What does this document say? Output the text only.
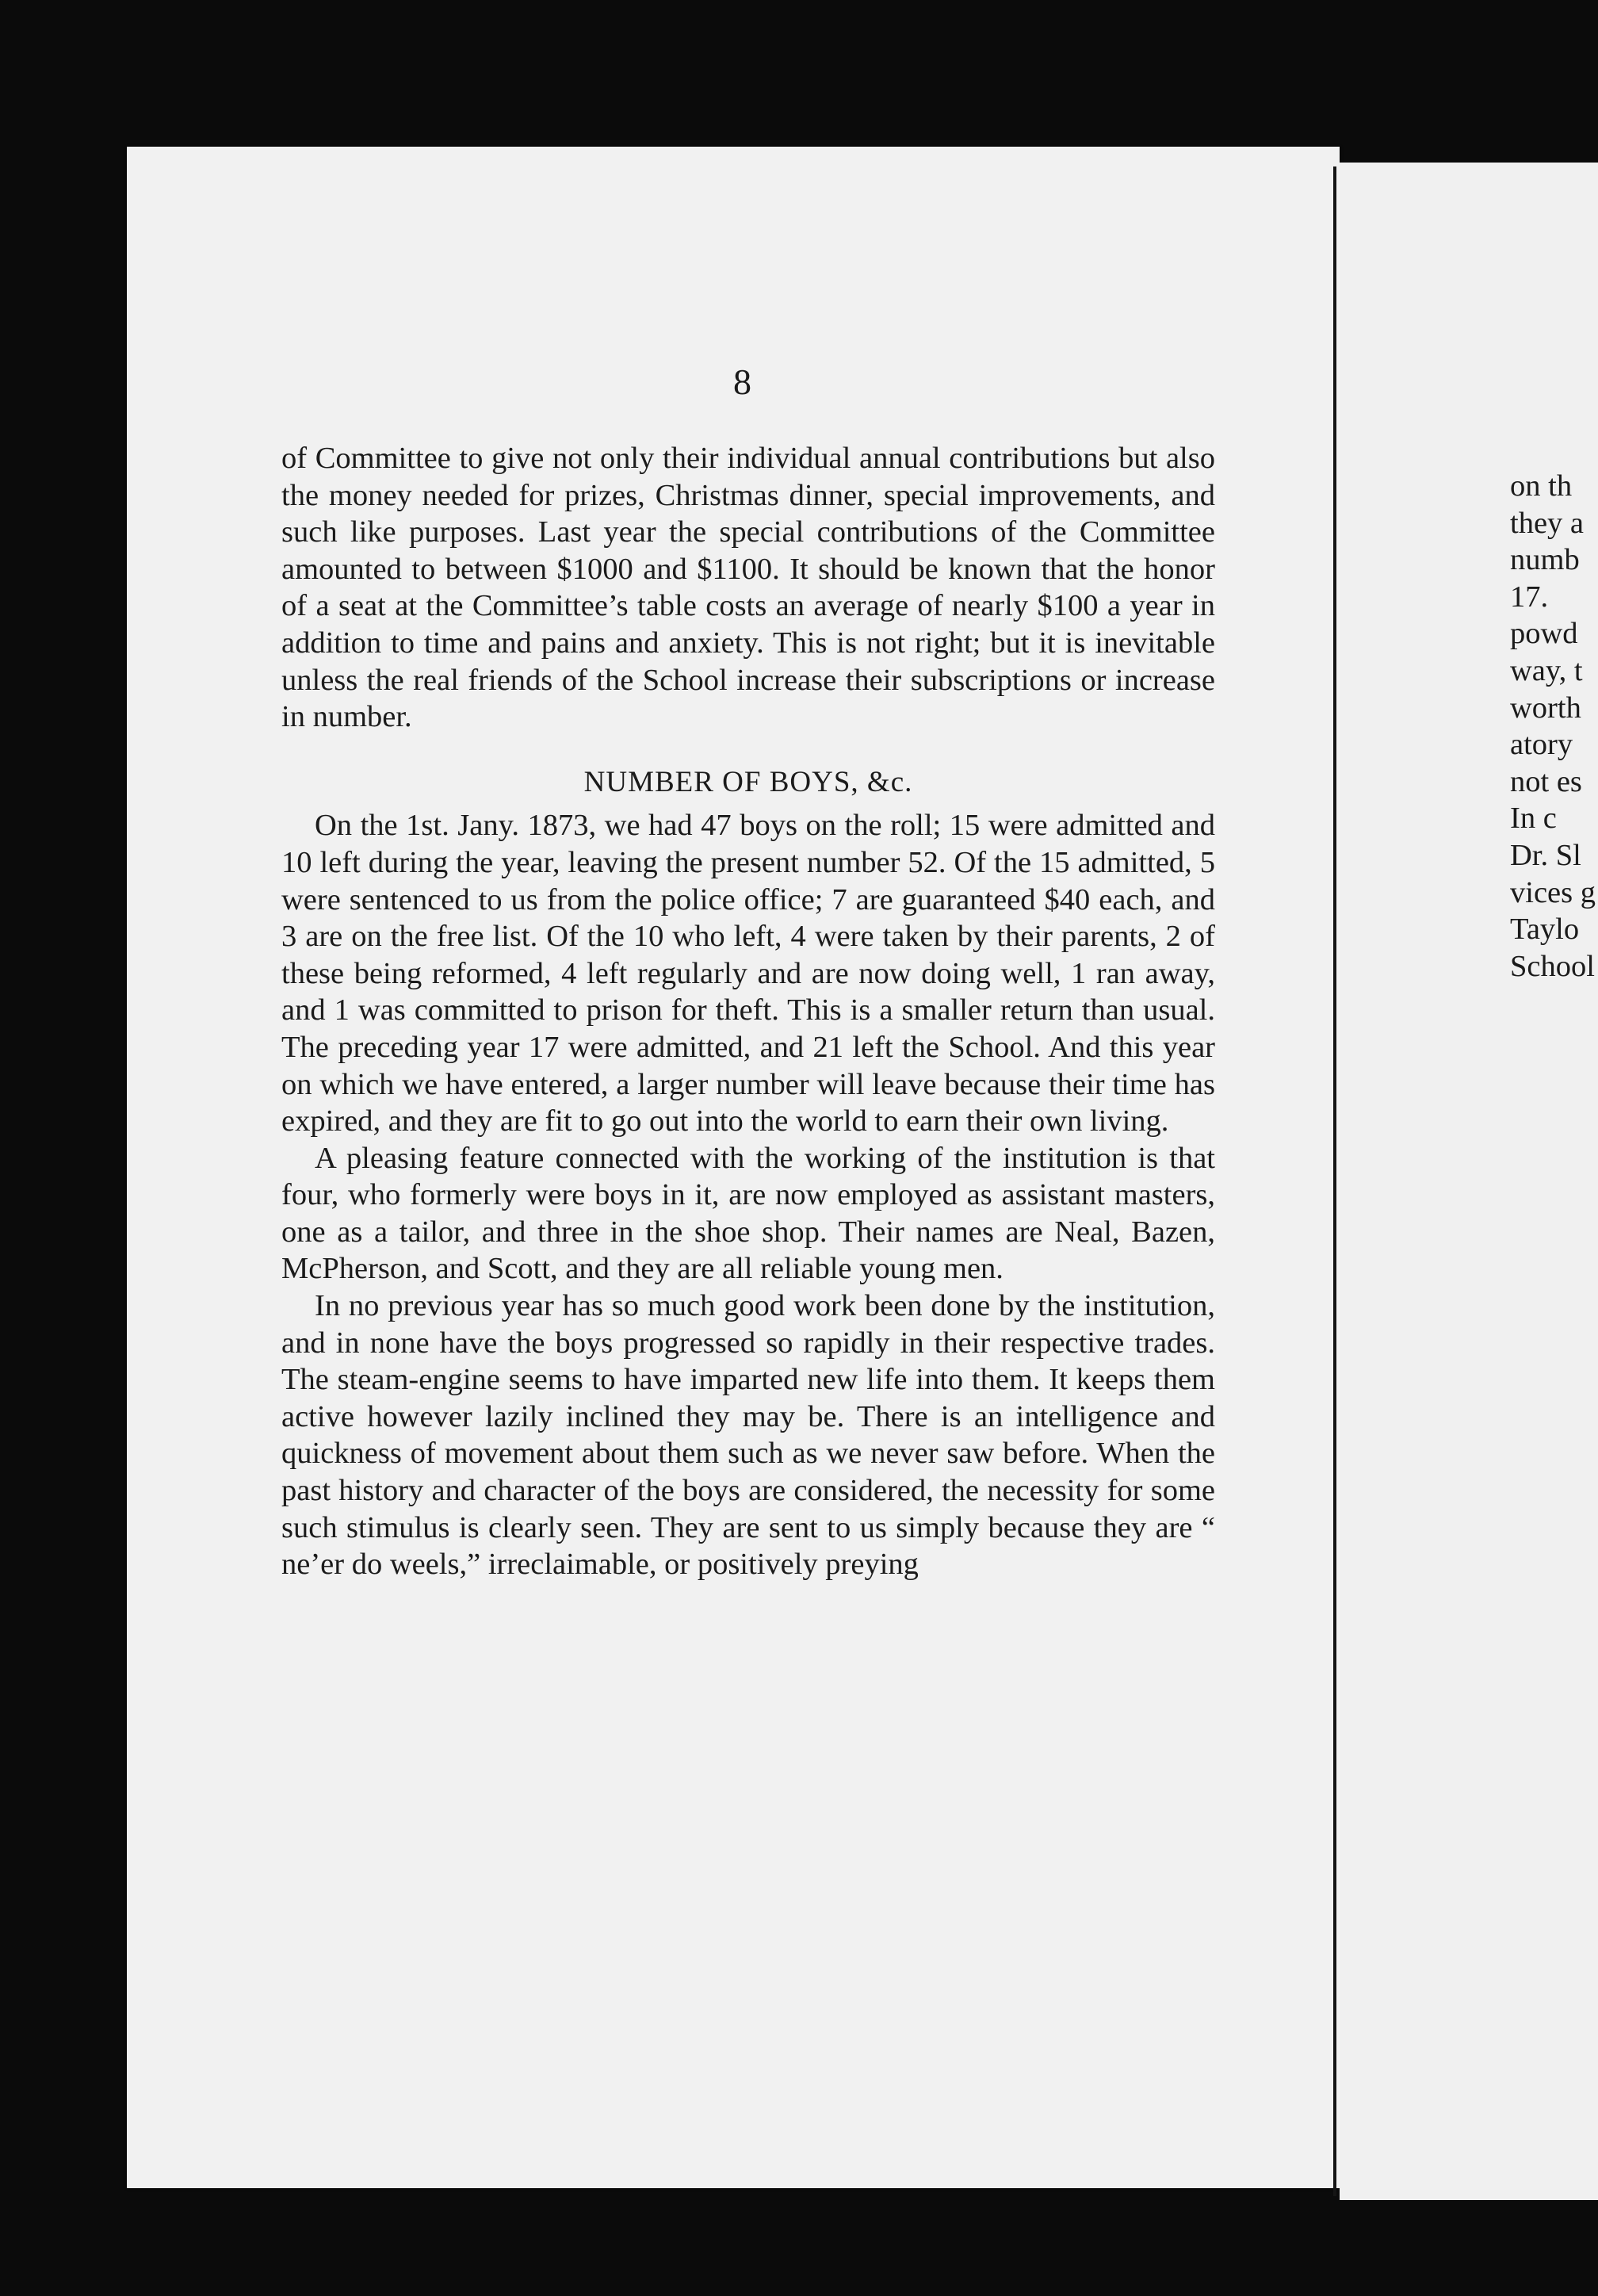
8

of Committee to give not only their individual annual contributions but also the money needed for prizes, Christmas dinner, special improvements, and such like purposes. Last year the special contributions of the Committee amounted to between $1000 and $1100. It should be known that the honor of a seat at the Committee’s table costs an average of nearly $100 a year in addition to time and pains and anxiety. This is not right; but it is inevitable unless the real friends of the School increase their subscriptions or increase in number.

NUMBER OF BOYS, &c.

On the 1st. Jany. 1873, we had 47 boys on the roll; 15 were admitted and 10 left during the year, leaving the present number 52. Of the 15 admitted, 5 were sentenced to us from the police office; 7 are guaranteed $40 each, and 3 are on the free list. Of the 10 who left, 4 were taken by their parents, 2 of these being reformed, 4 left regularly and are now doing well, 1 ran away, and 1 was committed to prison for theft. This is a smaller return than usual. The preceding year 17 were admitted, and 21 left the School. And this year on which we have entered, a larger number will leave because their time has expired, and they are fit to go out into the world to earn their own living.

A pleasing feature connected with the working of the institution is that four, who formerly were boys in it, are now employed as assistant masters, one as a tailor, and three in the shoe shop. Their names are Neal, Bazen, McPherson, and Scott, and they are all reliable young men.

In no previous year has so much good work been done by the institution, and in none have the boys progressed so rapidly in their respective trades. The steam-engine seems to have imparted new life into them. It keeps them active however lazily inclined they may be. There is an intelligence and quickness of movement about them such as we never saw before. When the past history and character of the boys are considered, the necessity for some such stimulus is clearly seen. They are sent to us simply because they are “ ne’er do weels,” irreclaimable, or positively preying

on th
they a
numb
17.
powd
way, t
worth
atory
not es
In c
Dr. Sl
vices g
Taylo
School
